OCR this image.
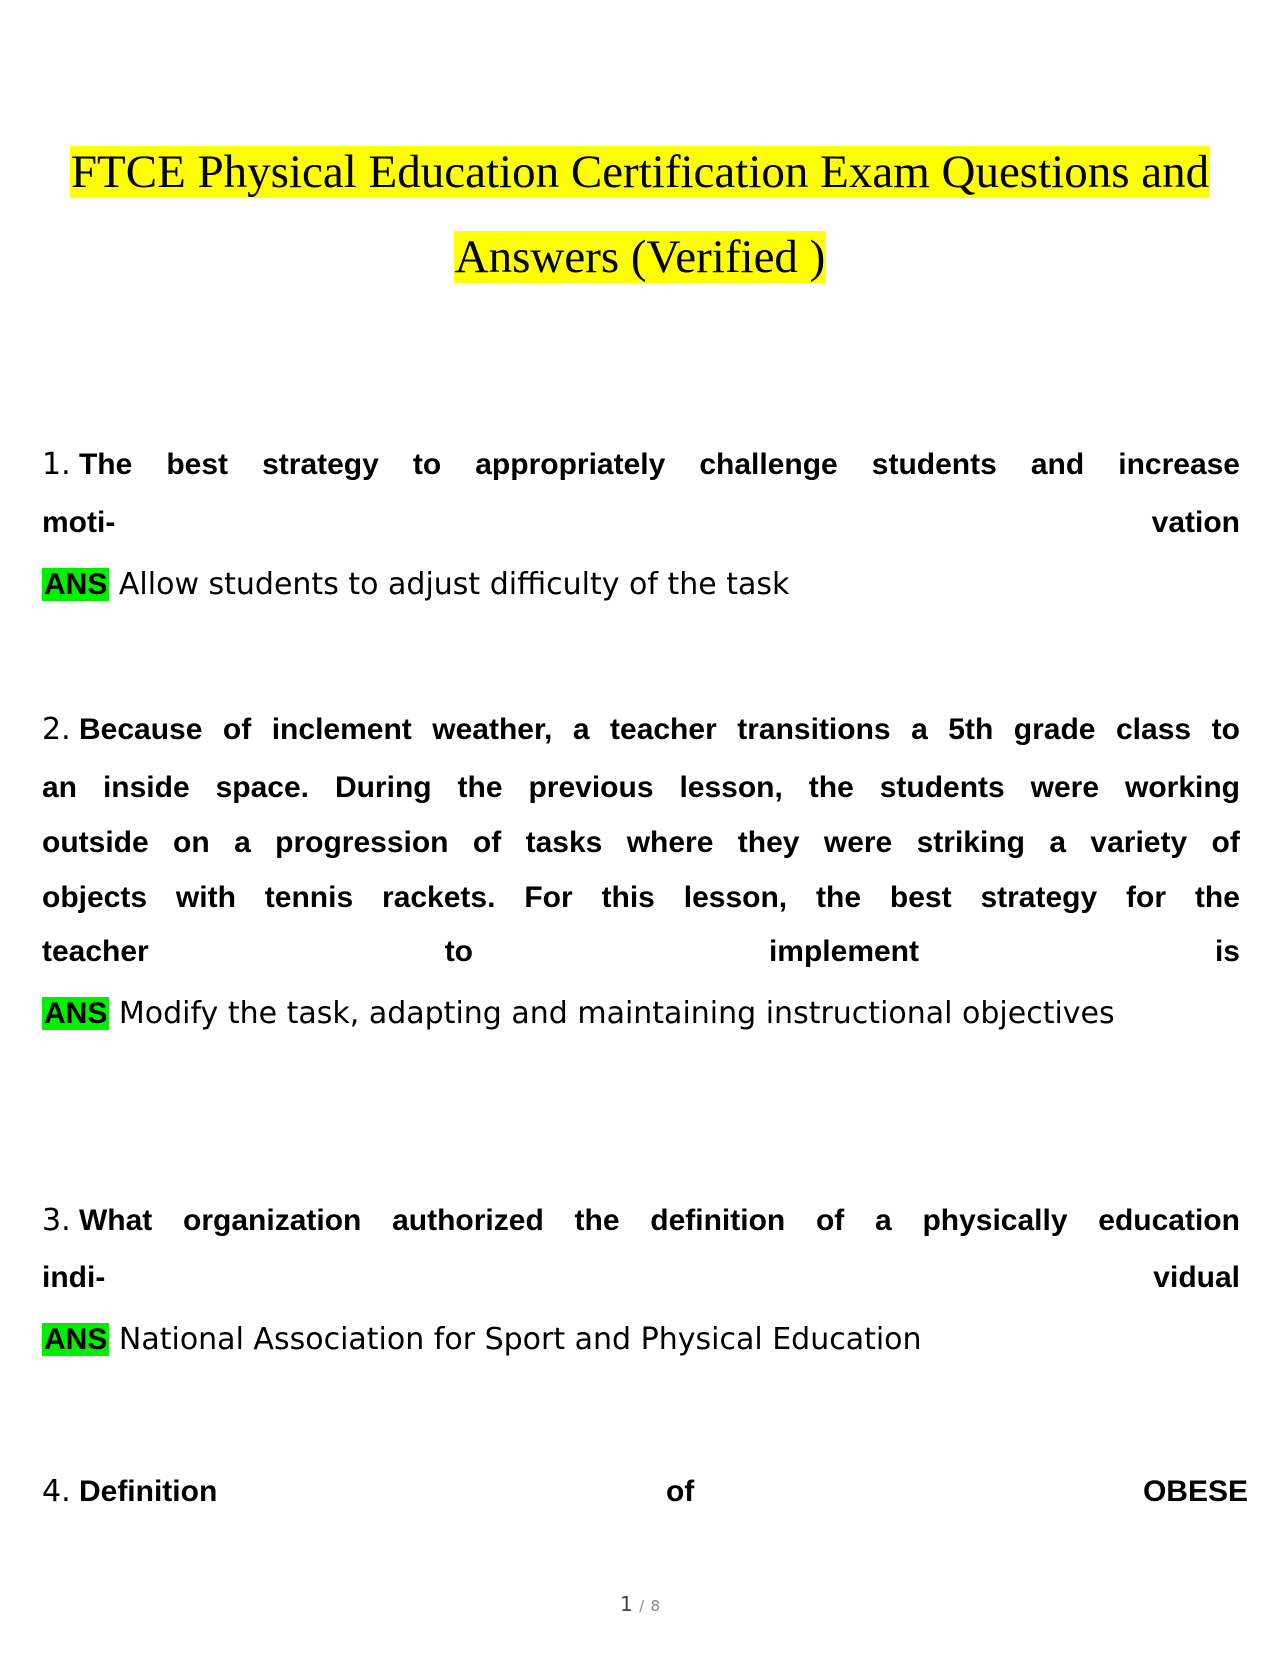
FTCE Physical Education Certification Exam Questions and
Answers (Verified )
1. The best strategy to appropriately challenge students and increase
moti-	vation
ANS Allow students to adjust difficulty of the task
2. Because of inclement weather, a teacher transitions a 5th grade class to
an inside space. During the previous lesson, the students were working
outside on a progression of tasks where they were striking a variety of
objects with tennis rackets. For this lesson, the best strategy for the
teacher	to	implement	is
ANS Modify the task, adapting and maintaining instructional objectives
3. What organization authorized the definition of a physically education
indi-	vidual
ANS National Association for Sport and Physical Education
4. Definition	of	OBESE
1 / 8
